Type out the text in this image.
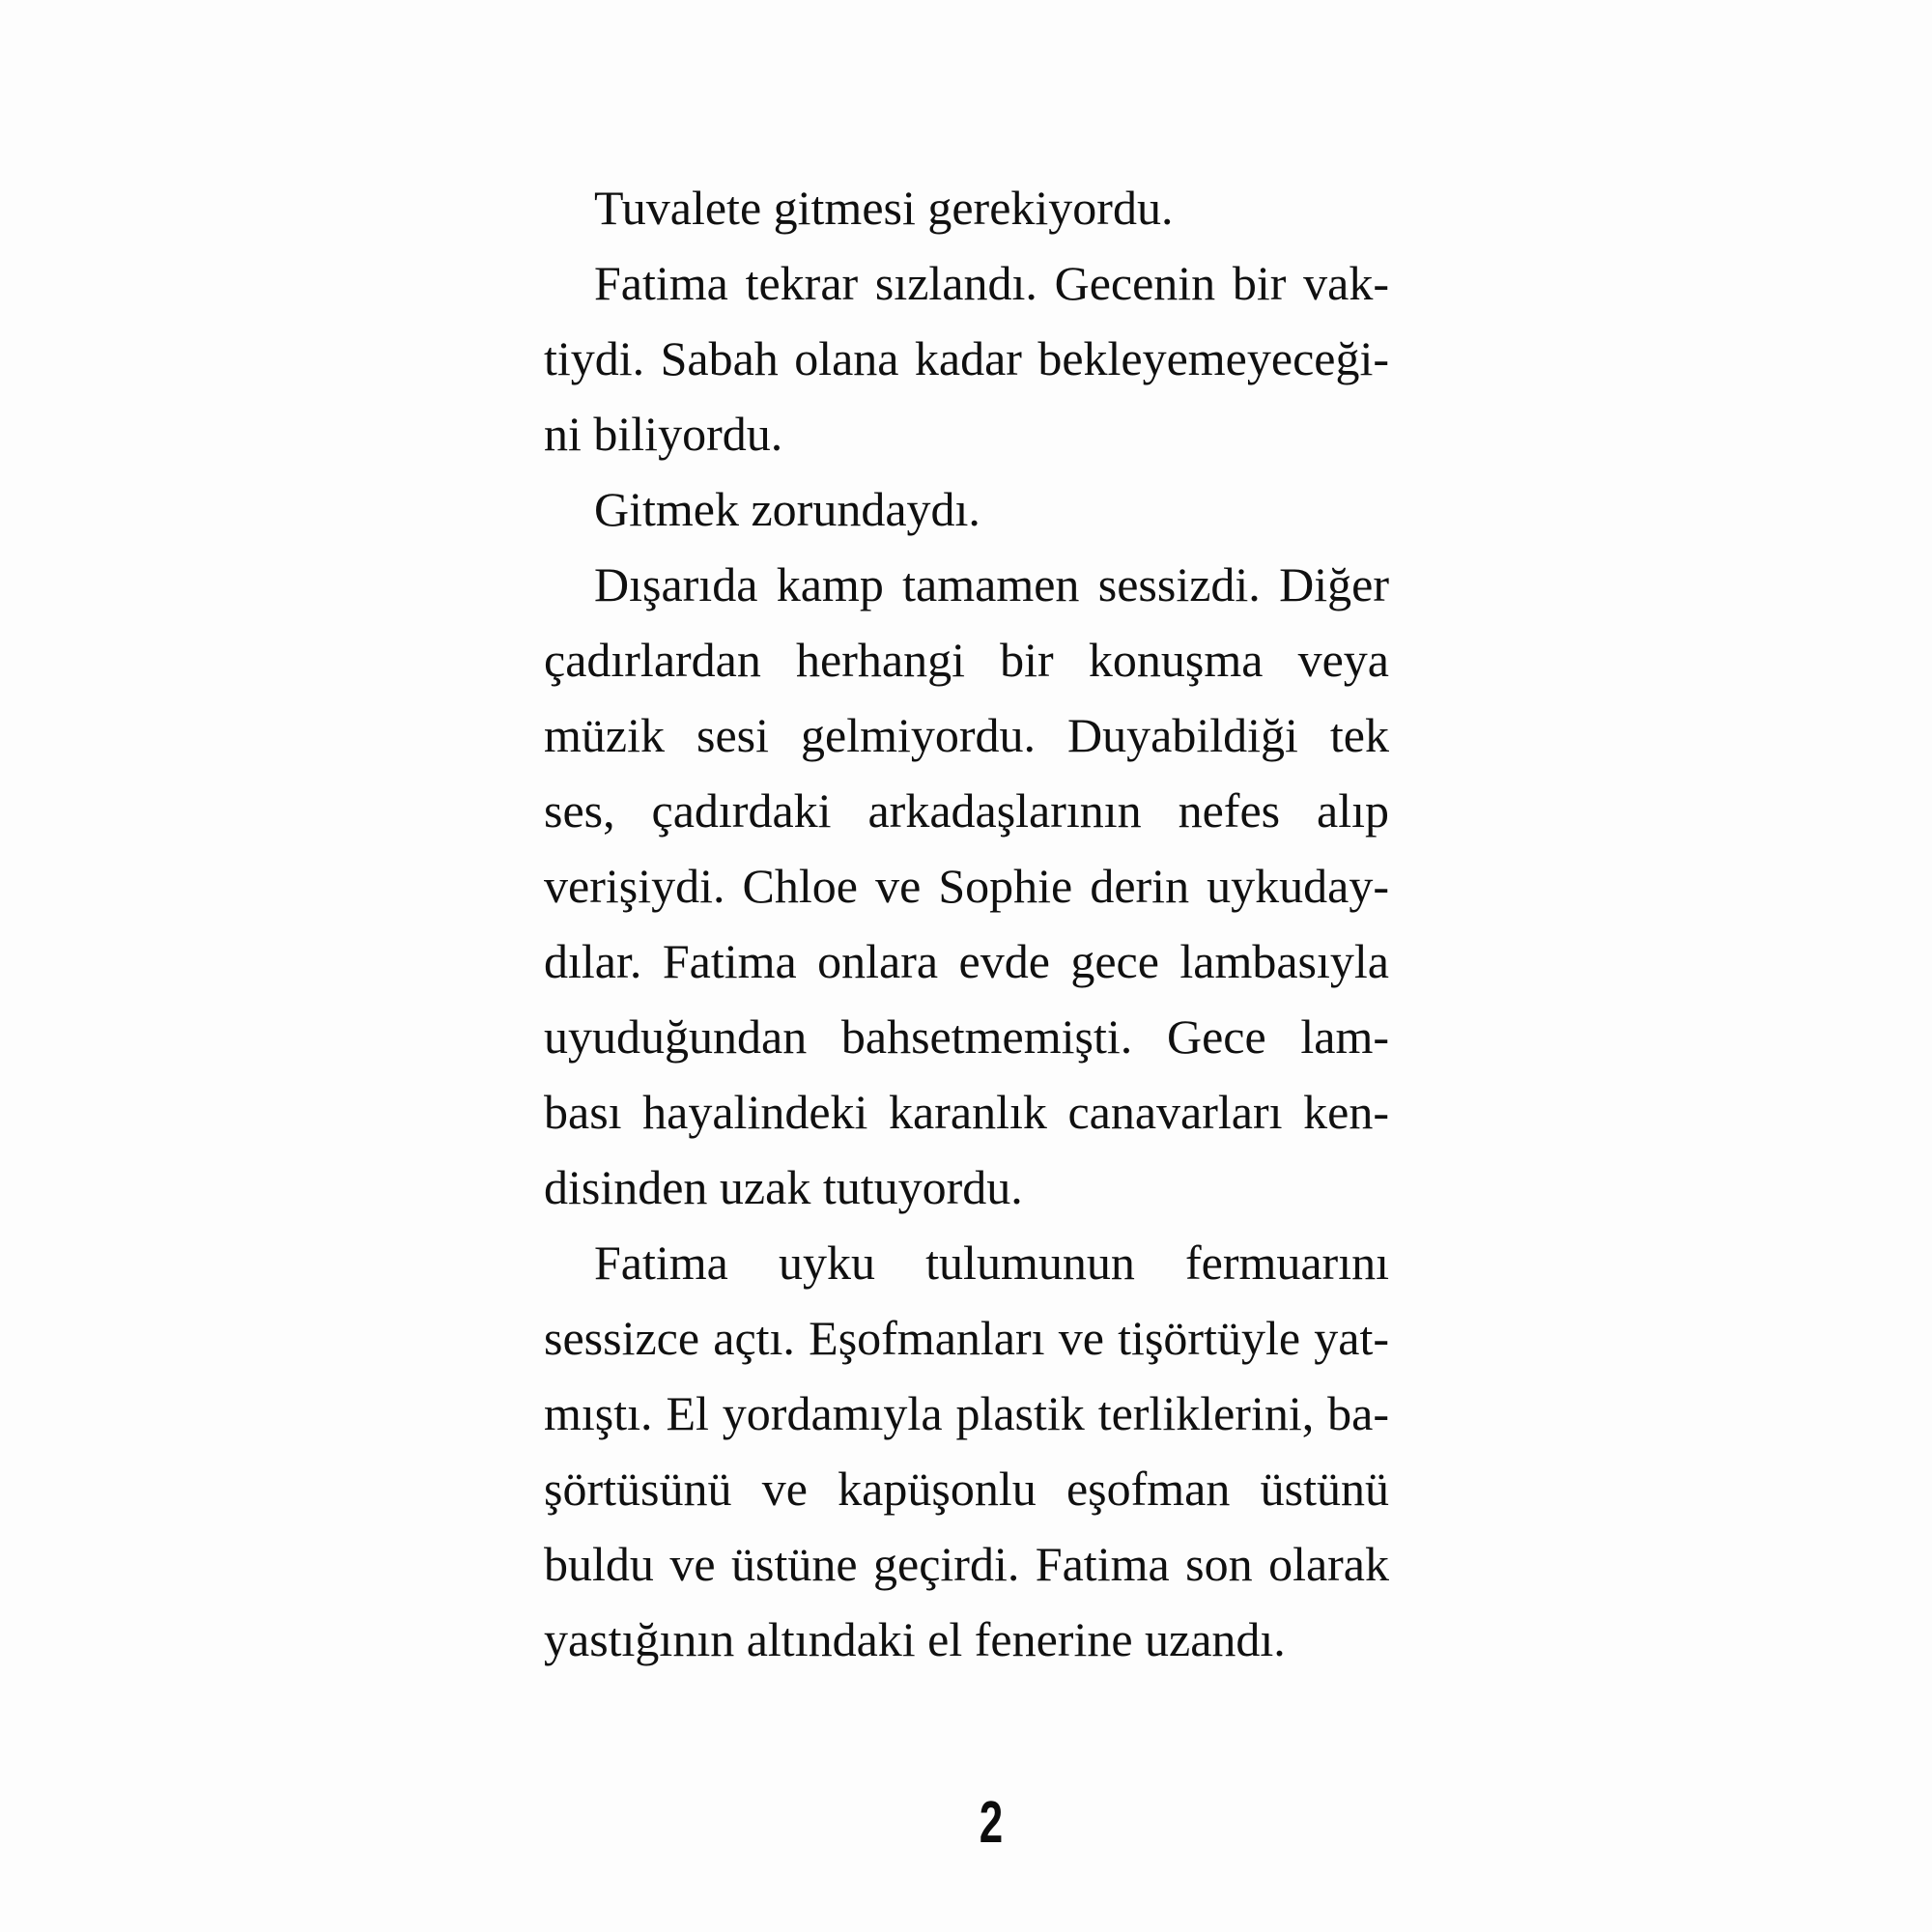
Tuvalete gitmesi gerekiyordu.
Fatima tekrar sızlandı. Gecenin bir vak-
tiydi. Sabah olana kadar bekleyemeyeceği-
ni biliyordu.
Gitmek zorundaydı.
Dışarıda kamp tamamen sessizdi. Diğer
çadırlardan herhangi bir konuşma veya
müzik sesi gelmiyordu. Duyabildiği tek
ses, çadırdaki arkadaşlarının nefes alıp
verişiydi. Chloe ve Sophie derin uykuday-
dılar. Fatima onlara evde gece lambasıyla
uyuduğundan bahsetmemişti. Gece lam-
bası hayalindeki karanlık canavarları ken-
disinden uzak tutuyordu.
Fatima uyku tulumunun fermuarını
sessizce açtı. Eşofmanları ve tişörtüyle yat-
mıştı. El yordamıyla plastik terliklerini, ba-
şörtüsünü ve kapüşonlu eşofman üstünü
buldu ve üstüne geçirdi. Fatima son olarak
yastığının altındaki el fenerine uzandı.
2
